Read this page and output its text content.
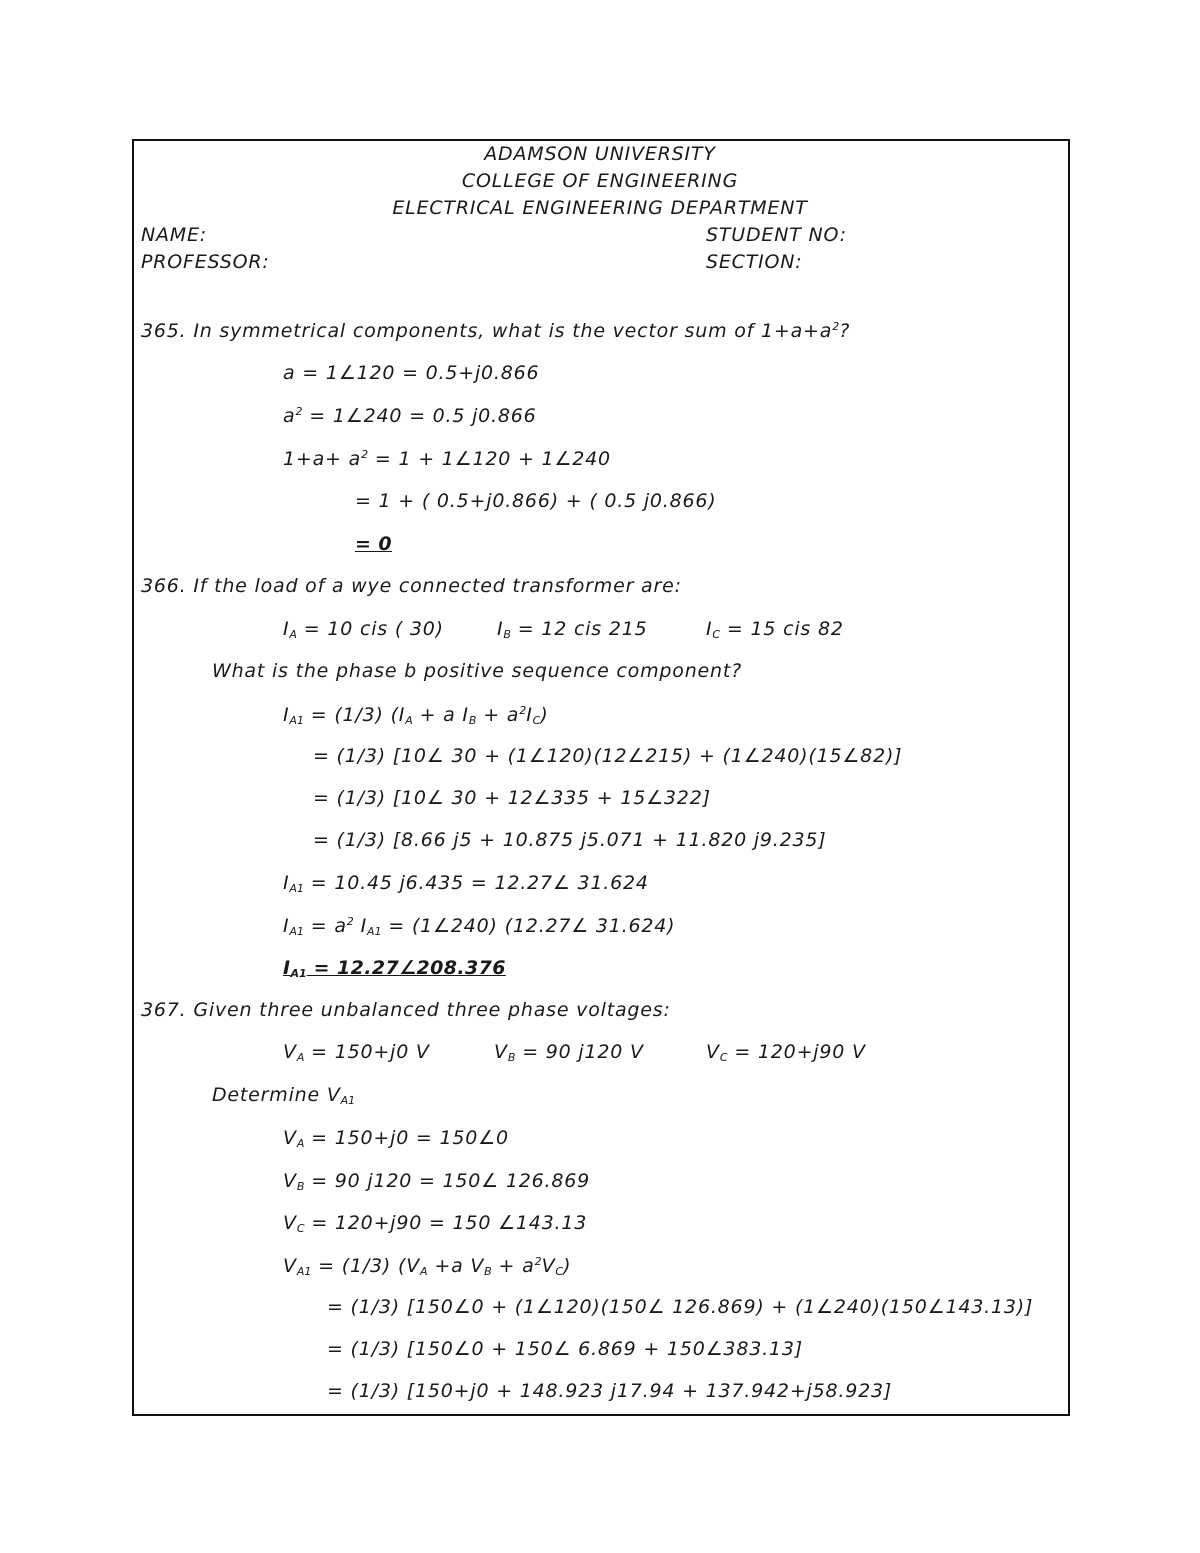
ADAMSON UNIVERSITY
COLLEGE OF ENGINEERING
ELECTRICAL ENGINEERING DEPARTMENT
NAME:	STUDENT NO:
PROFESSOR:	SECTION:
365. In symmetrical components, what is the vector sum of $1+a+a^2$?
a = 1∠120 = 0.5+j0.866
$a^2$ = 1∠240 = 0.5 j0.866
$1+a+ a^2 = 1$ + 1∠120 + 1∠240
= 1 + ( 0.5+j0.866) + ( 0.5 j0.866)
= 0
366. If the load of a wye connected transformer are:
$I_A = 10$ cis ( 30)	$I_B = 12$ cis 215	$I_C = 15$ cis 82
What is the phase b positive sequence component?
$I_{A1} = (1/3) (I_A + a$ $I_B + a^2I_C$)
= (1/3) [10∠ 30 + (1∠120)(12∠215) + (1∠240)(15∠82)]
= (1/3) [10∠ 30 + 12∠335 + 15∠322]
= (1/3) [8.66 j5 + 10.875 j5.071 + 11.820 j9.235]
$I_{A1} = 10.45$ j6.435 = 12.27∠ 31.624
$I_{A1} = a^2$ $I_{A1}$ = (1∠240) (12.27∠ 31.624)
$I_{A1}$ = 12.27∠208.376
367. Given three unbalanced three phase voltages:
$V_A = 150+j0$ V	$V_B = 90$ j120 V	$V_C = 120+j90$ V
Determine $V_{A1}$
$V_A = 150+j0$ = 150∠0
$V_B = 90$ j120 = 150∠ 126.869
$V_C = 120+j90 = 150$ ∠143.13
$V_{A1} = (1/3)$ ($V_A +a$ $V_B + a^2V_C$)
= (1/3) [150∠0 + (1∠120)(150∠ 126.869) + (1∠240)(150∠143.13)]
= (1/3) [150∠0 + 150∠ 6.869 + 150∠383.13]
= (1/3) [150+j0 + 148.923 j17.94 + 137.942+j58.923]
